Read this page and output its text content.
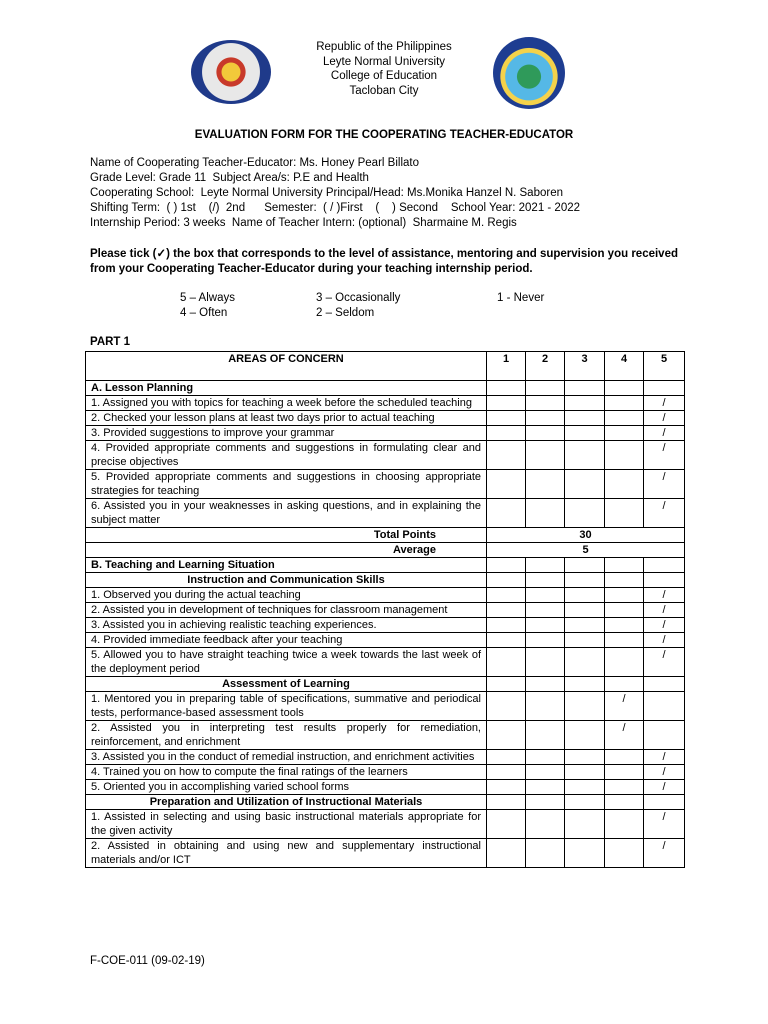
Republic of the Philippines
Leyte Normal University
College of Education
Tacloban City
EVALUATION FORM FOR THE COOPERATING TEACHER-EDUCATOR
Name of Cooperating Teacher-Educator: Ms. Honey Pearl Billato
Grade Level: Grade 11  Subject Area/s: P.E and Health
Cooperating School:  Leyte Normal University Principal/Head: Ms.Monika Hanzel N. Saboren
Shifting Term:  ( ) 1st    (/)  2nd      Semester:  ( / )First    (    ) Second    School Year: 2021 - 2022
Internship Period: 3 weeks  Name of Teacher Intern: (optional)  Sharmaine M. Regis
Please tick (✓) the box that corresponds to the level of assistance, mentoring and supervision you received from your Cooperating Teacher-Educator during your teaching internship period.
5 – Always
4 – Often
3 – Occasionally
2 – Seldom
1 - Never
PART 1
AREAS OF CONCERN	1	2	3	4	5
A. Lesson Planning					
1. Assigned you with topics for teaching a week before the scheduled teaching					/
2. Checked your lesson plans at least two days prior to actual teaching					/
3. Provided suggestions to improve your grammar					/
4. Provided appropriate comments and suggestions in formulating clear and precise objectives					/
5. Provided appropriate comments and suggestions in choosing appropriate strategies for teaching					/
6. Assisted you in your weaknesses in asking questions, and in explaining the subject matter					/
Total Points	30				
Average	5				
B. Teaching and Learning Situation					
Instruction and Communication Skills					
1. Observed you during the actual teaching					/
2. Assisted you in development of techniques for classroom management					/
3. Assisted you in achieving realistic teaching experiences.					/
4. Provided immediate feedback after your teaching					/
5. Allowed you to have straight teaching twice a week towards the last week of the deployment period					/
Assessment of Learning					
1. Mentored you in preparing table of specifications, summative and periodical tests, performance-based assessment tools				/	
2. Assisted you in interpreting test results properly for remediation, reinforcement, and enrichment				/	
3. Assisted you in the conduct of remedial instruction, and enrichment activities					/
4. Trained you on how to compute the final ratings of the learners					/
5. Oriented you in accomplishing varied school forms					/
Preparation and Utilization of Instructional Materials					
1. Assisted in selecting and using basic instructional materials appropriate for the given activity					/
2. Assisted in obtaining and using new and supplementary instructional materials and/or ICT					/
F-COE-011 (09-02-19)
